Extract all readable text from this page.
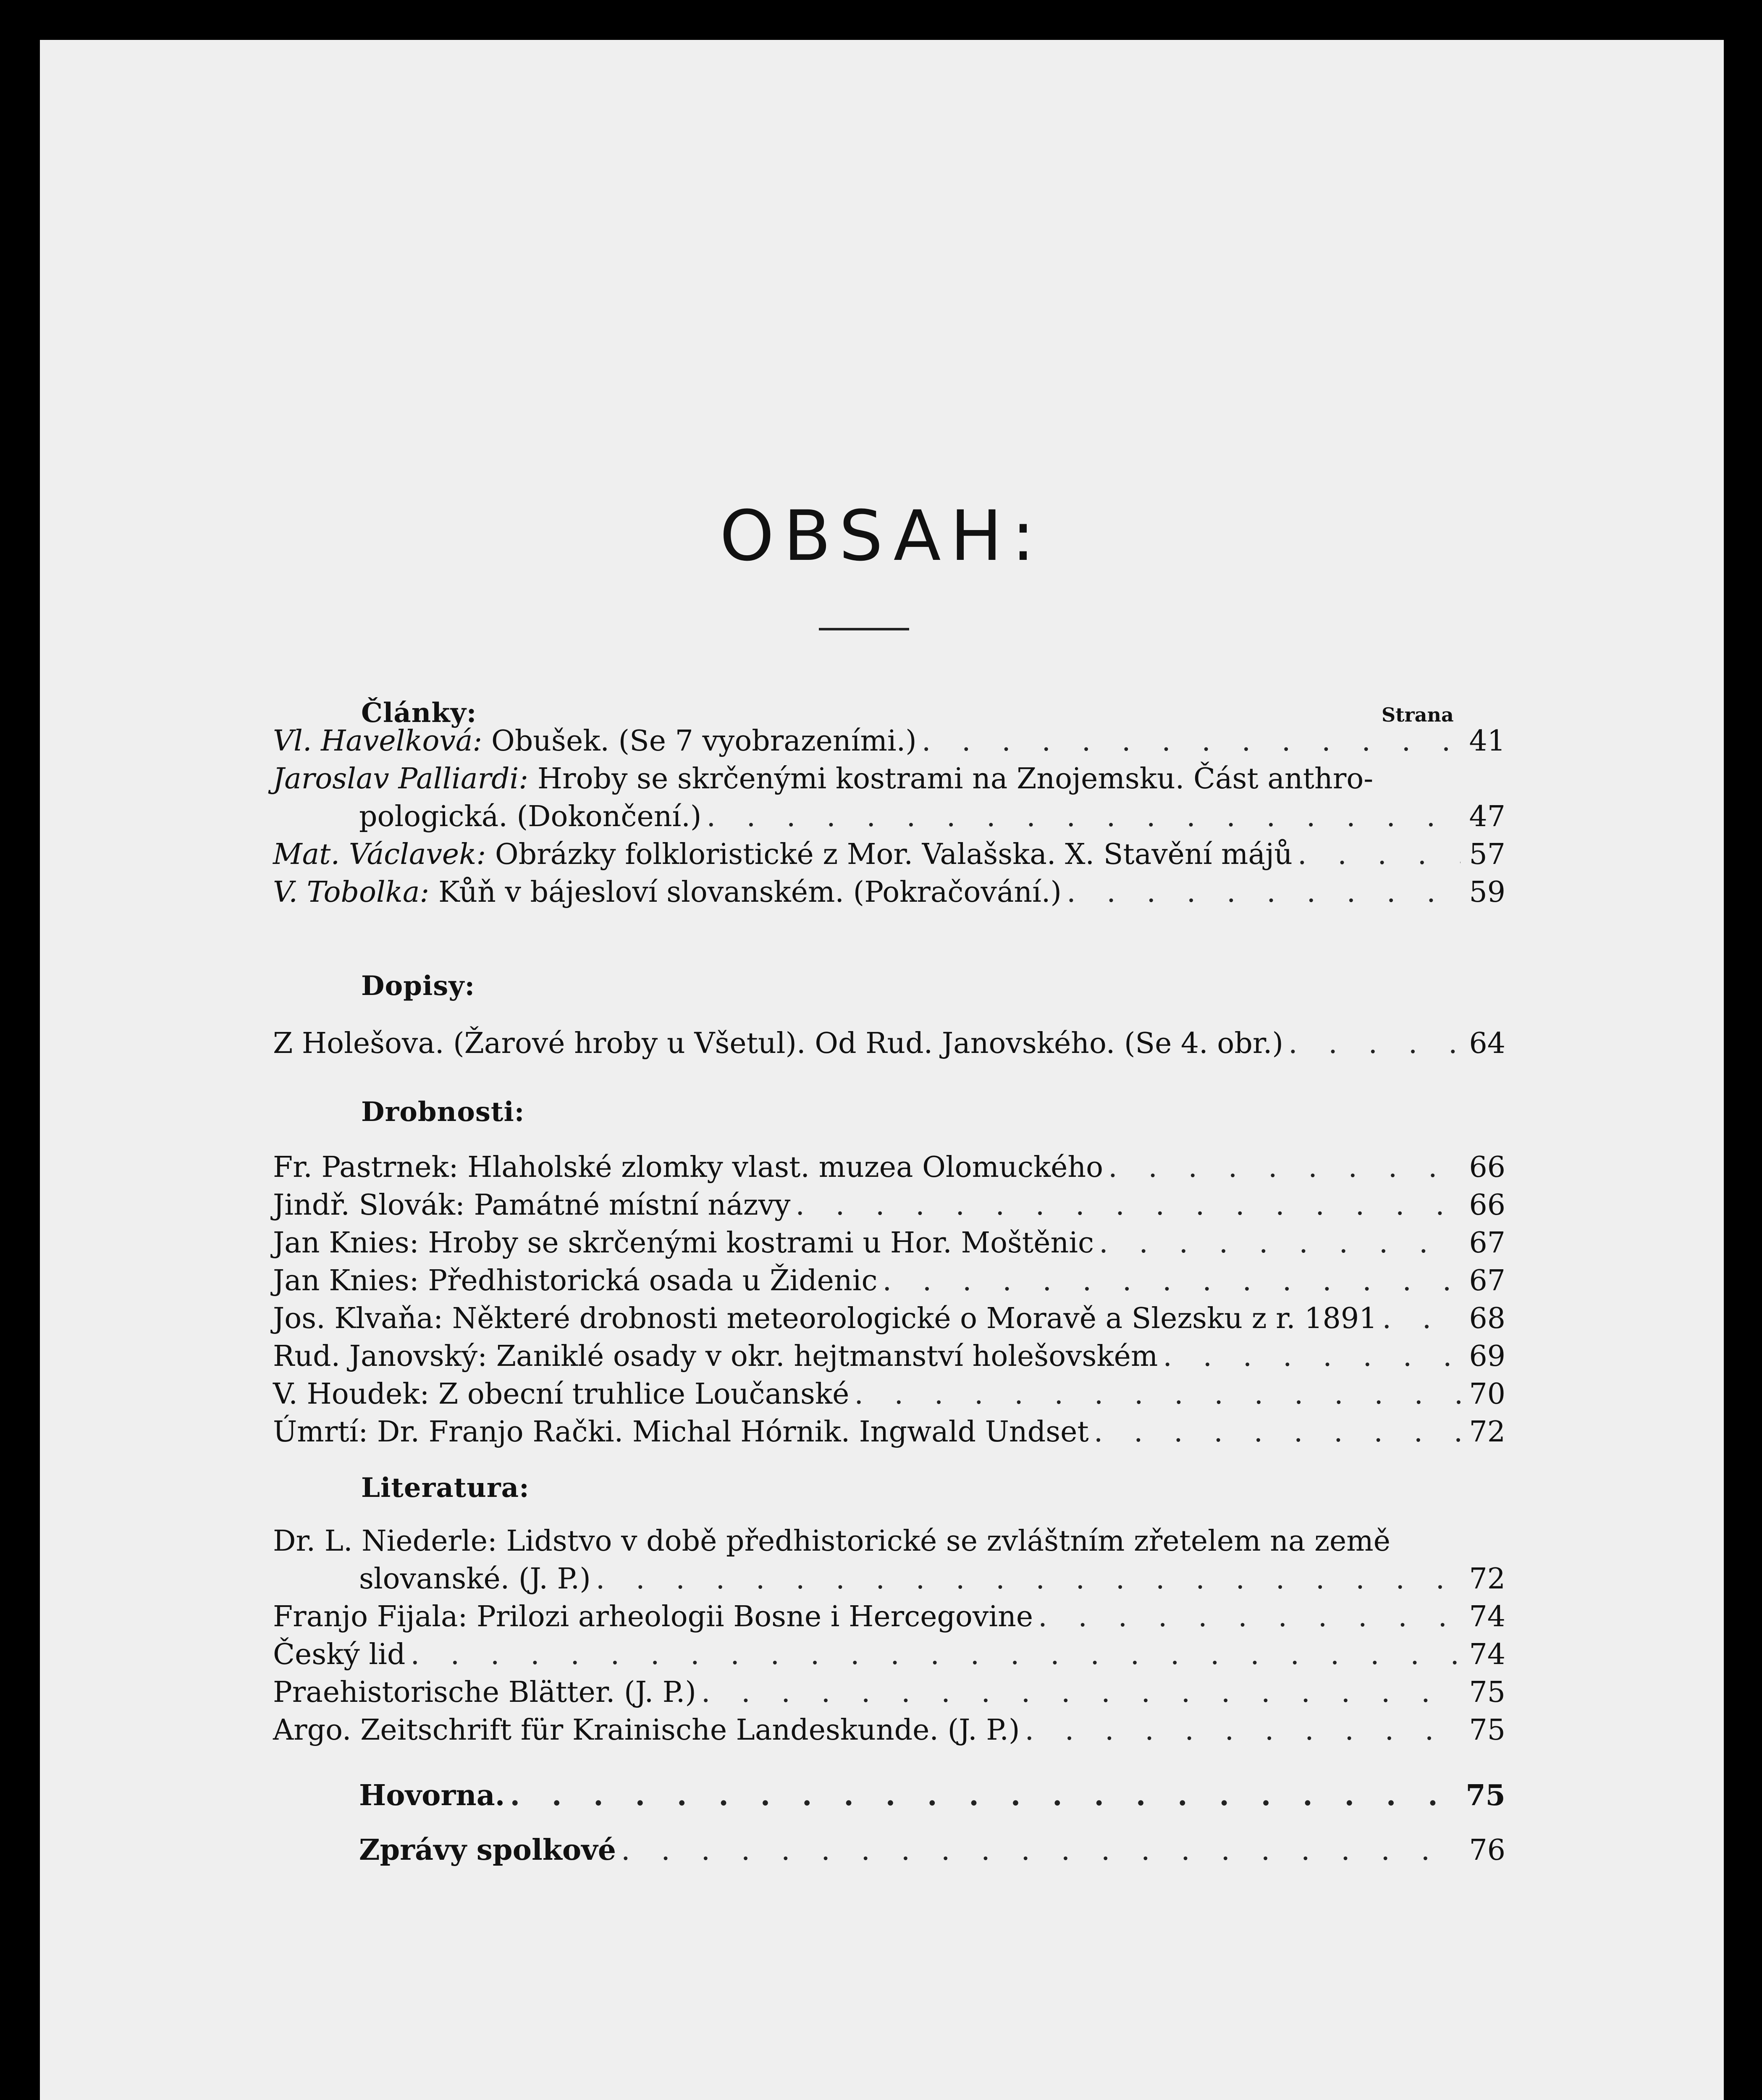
OBSAH:
Články:	Strana
Vl. Havelková:
Obušek. (Se 7 vyobrazeními.) . . .	41
Jaroslav Palliardi: Hroby se skrčenými kostrami na Znojemsku. Část anthro-
pologická. (Dokončení.) . . .	47
Mat. Václavek:
Obrázky folkloristické z Mor. Valašska. X. Stavění májů . . .	57
V. Tobolka:
Kůň v bájesloví slovanském. (Pokračování.) . . .	59
Dopisy:
Z Holešova. (Žarové hroby u Všetul). Od Rud. Janovského. (Se 4. obr.) . . .	64
Drobnosti:
Fr. Pastrnek: Hlaholské zlomky vlast. muzea Olomuckého . . .	66
Jindř. Slovák: Památné místní názvy . . .	66
Jan Knies: Hroby se skrčenými kostrami u Hor. Moštěnic . . .	67
Jan Knies: Předhistorická osada u Židenic . . .	67
Jos. Klvaňa: Některé drobnosti meteorologické o Moravě a Slezsku z r. 1891 . . .	68
Rud. Janovský: Zaniklé osady v okr. hejtmanství holešovském . . .	69
V. Houdek: Z obecní truhlice Loučanské . . .	70
Úmrtí: Dr. Franjo Rački. Michal Hórnik. Ingwald Undset . . .	72
Literatura:
Dr. L. Niederle: Lidstvo v době předhistorické se zvláštním zřetelem na země
slovanské. (J. P.) . . .	72
Franjo Fijala: Prilozi arheologii Bosne i Hercegovine . . .	74
Český lid . . .	74
Praehistorische Blätter. (J. P.) . . .	75
Argo. Zeitschrift für Krainische Landeskunde. (J. P.) . . .	75
Hovorna. . . .	75
Zprávy spolkové . . .	76
